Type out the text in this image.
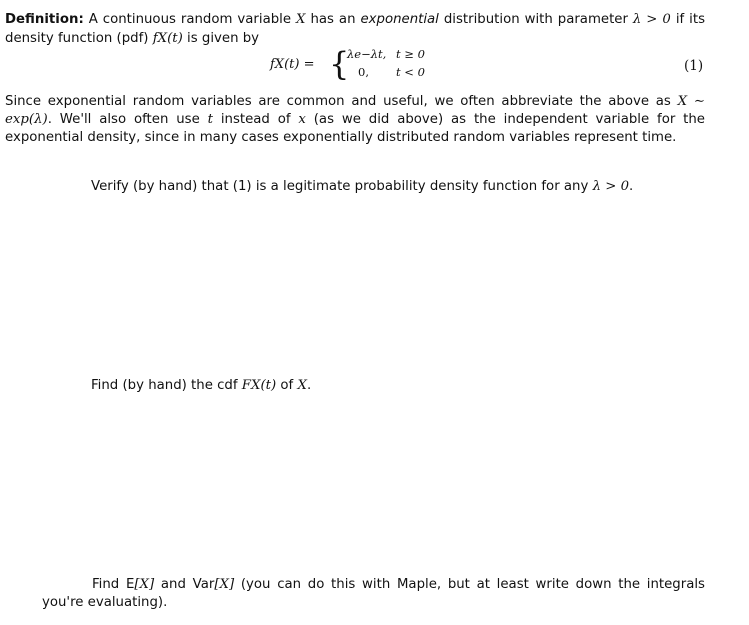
Definition: A continuous random variable X has an exponential distribution with parameter λ > 0 if its density function (pdf) fX(t) is given by
fX(t) = {
λe−λt, t ≥ 0
0, t < 0	(1)
Since exponential random variables are common and useful, we often abbreviate the above as X ∼ exp(λ). We'll also often use t instead of x (as we did above) as the independent variable for the exponential density, since in many cases exponentially distributed random variables represent time.
Verify (by hand) that (1) is a legitimate probability density function for any λ > 0.
Find (by hand) the cdf FX(t) of X.
Find E[X] and Var[X] (you can do this with Maple, but at least write down the integrals you're evaluating).
